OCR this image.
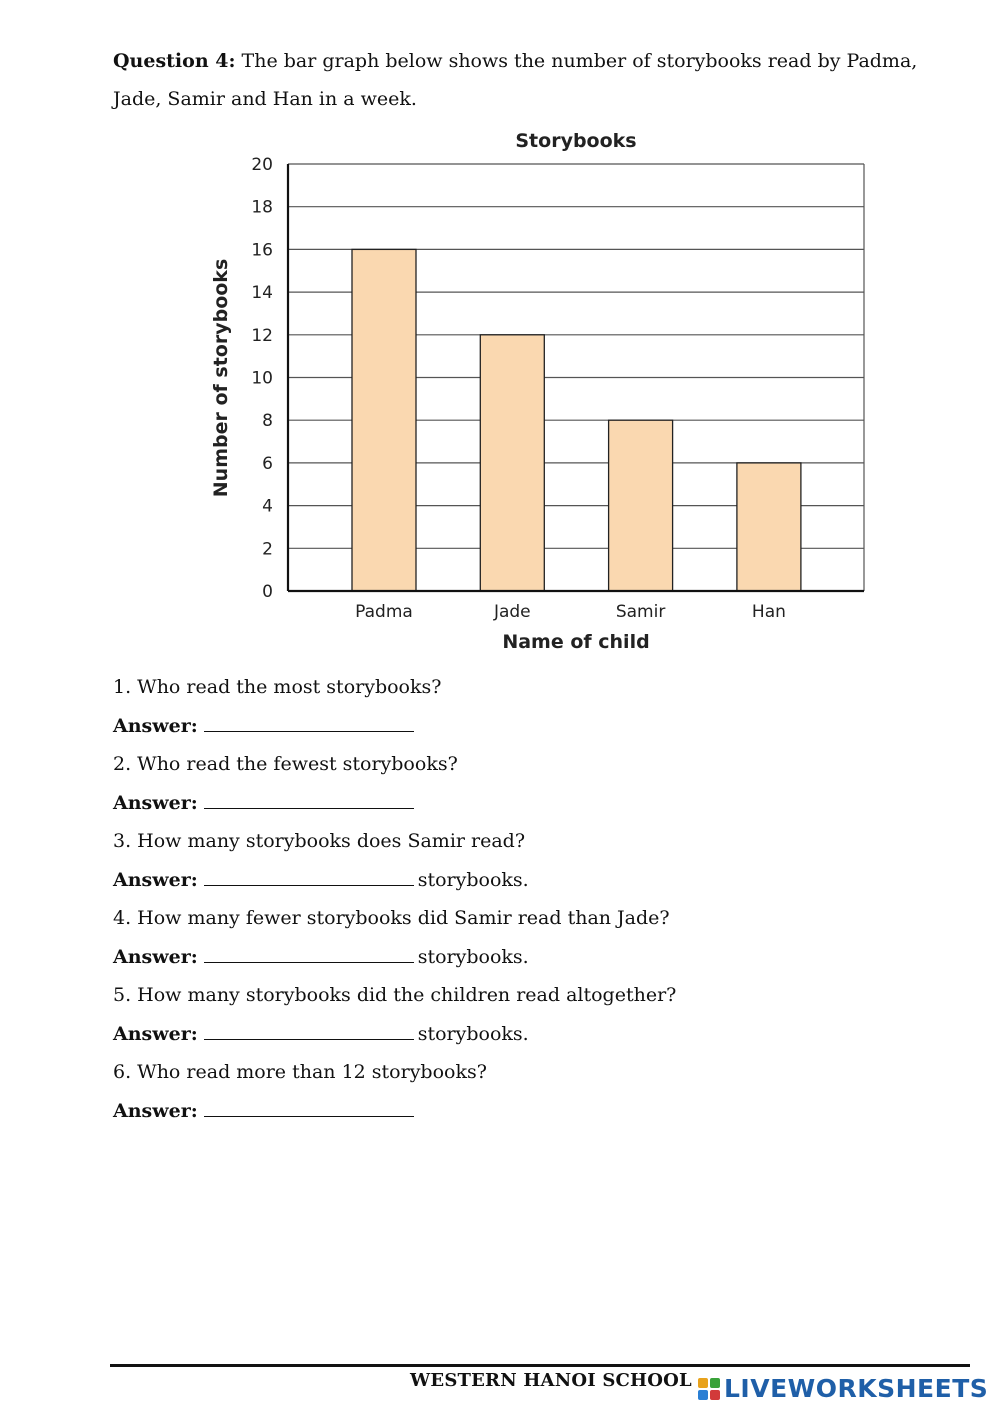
Question 4: The bar graph below shows the number of storybooks read by Padma, Jade, Samir and Han in a week.
Storybooks
0
2
4
6
8
10
12
14
16
18
20
Padma	Jade	Samir	Han
Name of child
Number of storybooks
1. Who read the most storybooks?
Answer:
2. Who read the fewest storybooks?
Answer:
3. How many storybooks does Samir read?
Answer:	storybooks.
4. How many fewer storybooks did Samir read than Jade?
Answer:	storybooks.
5. How many storybooks did the children read altogether?
Answer:	storybooks.
6. Who read more than 12 storybooks?
Answer:
WESTERN HANOI SCHOOL LIVEWORKSHEETS
